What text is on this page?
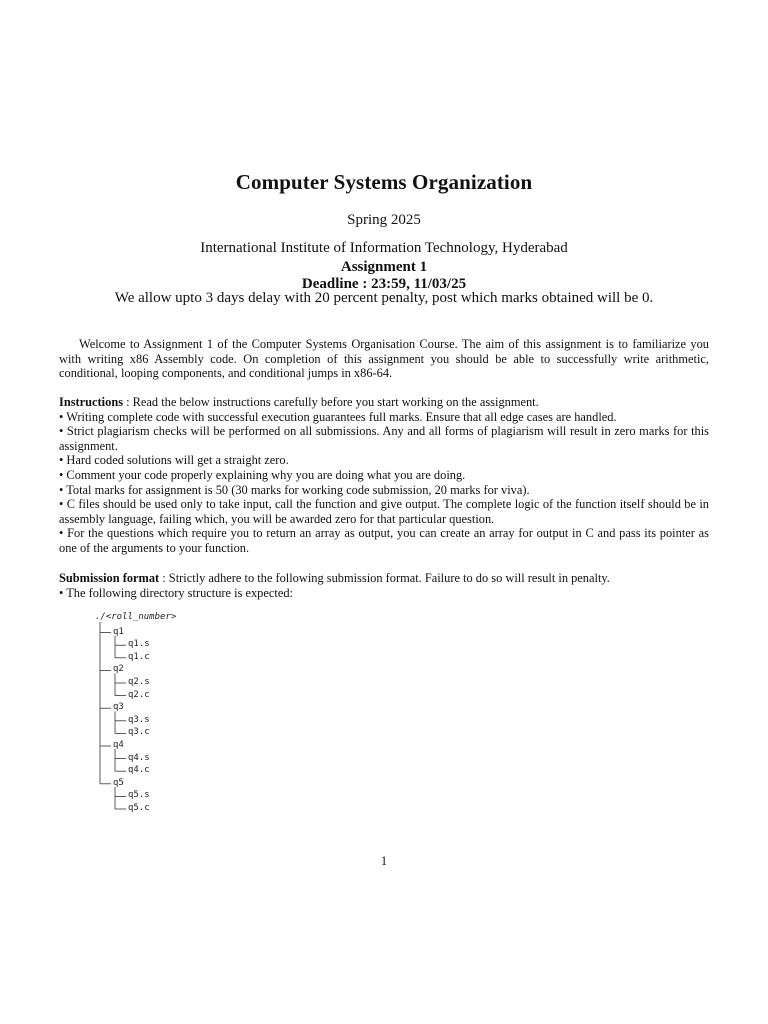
Computer Systems Organization
Spring 2025
International Institute of Information Technology, Hyderabad
Assignment 1
Deadline : 23:59, 11/03/25
We allow upto 3 days delay with 20 percent penalty, post which marks obtained will be 0.
Welcome to Assignment 1 of the Computer Systems Organisation Course. The aim of this assignment is to familiarize you with writing x86 Assembly code. On completion of this assignment you should be able to successfully write arithmetic, conditional, looping components, and conditional jumps in x86-64.
Instructions : Read the below instructions carefully before you start working on the assignment.
• Writing complete code with successful execution guarantees full marks. Ensure that all edge cases are handled.
• Strict plagiarism checks will be performed on all submissions. Any and all forms of plagiarism will result in zero marks for this assignment.
• Hard coded solutions will get a straight zero.
• Comment your code properly explaining why you are doing what you are doing.
• Total marks for assignment is 50 (30 marks for working code submission, 20 marks for viva).
• C files should be used only to take input, call the function and give output. The complete logic of the function itself should be in assembly language, failing which, you will be awarded zero for that particular question.
• For the questions which require you to return an array as output, you can create an array for output in C and pass its pointer as one of the arguments to your function.
Submission format : Strictly adhere to the following submission format. Failure to do so will result in penalty.
• The following directory structure is expected:
./<roll_number>
q1
q1.s
q1.c
q2
q2.s
q2.c
q3
q3.s
q3.c
q4
q4.s
q4.c
q5
q5.s
q5.c
1
